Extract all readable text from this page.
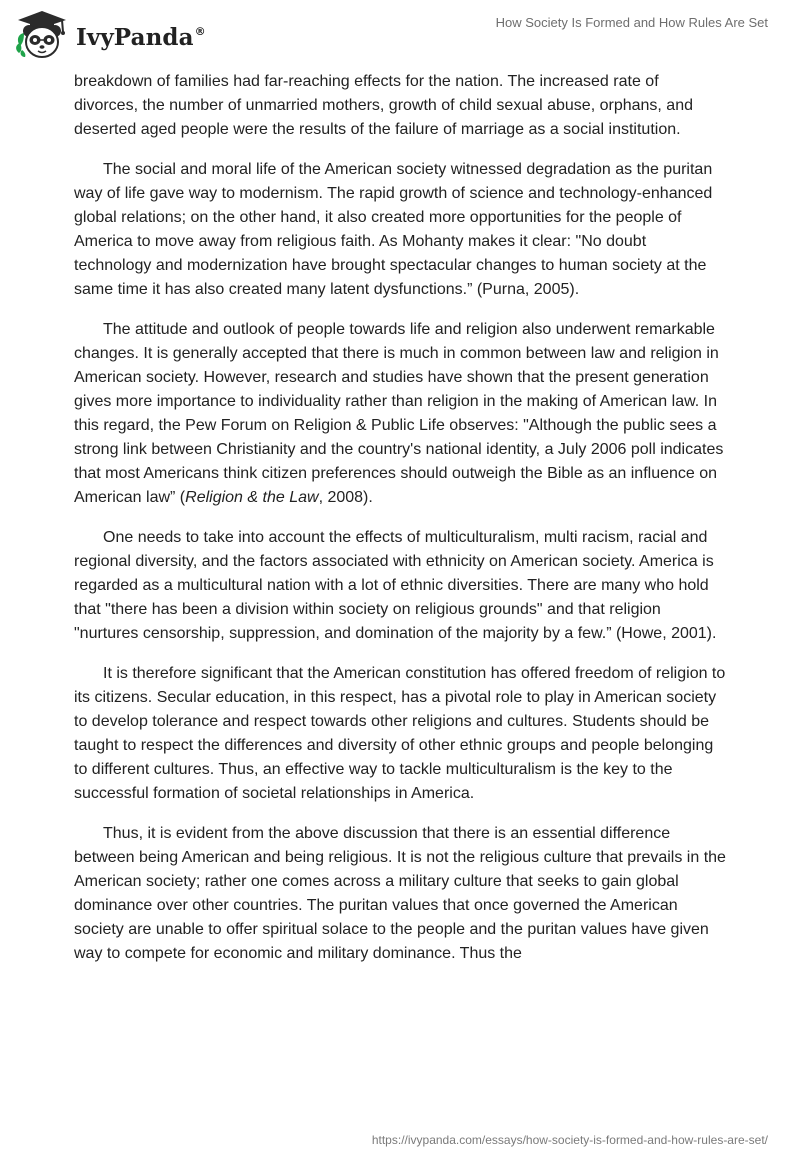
IvyPanda®
How Society Is Formed and How Rules Are Set

breakdown of families had far-reaching effects for the nation. The increased rate of divorces, the number of unmarried mothers, growth of child sexual abuse, orphans, and deserted aged people were the results of the failure of marriage as a social institution.

The social and moral life of the American society witnessed degradation as the puritan way of life gave way to modernism. The rapid growth of science and technology-enhanced global relations; on the other hand, it also created more opportunities for the people of America to move away from religious faith. As Mohanty makes it clear: "No doubt technology and modernization have brought spectacular changes to human society at the same time it has also created many latent dysfunctions.” (Purna, 2005).

The attitude and outlook of people towards life and religion also underwent remarkable changes. It is generally accepted that there is much in common between law and religion in American society. However, research and studies have shown that the present generation gives more importance to individuality rather than religion in the making of American law. In this regard, the Pew Forum on Religion & Public Life observes: "Although the public sees a strong link between Christianity and the country's national identity, a July 2006 poll indicates that most Americans think citizen preferences should outweigh the Bible as an influence on American law” (Religion & the Law, 2008).

One needs to take into account the effects of multiculturalism, multi racism, racial and regional diversity, and the factors associated with ethnicity on American society. America is regarded as a multicultural nation with a lot of ethnic diversities. There are many who hold that "there has been a division within society on religious grounds" and that religion "nurtures censorship, suppression, and domination of the majority by a few.” (Howe, 2001).

It is therefore significant that the American constitution has offered freedom of religion to its citizens. Secular education, in this respect, has a pivotal role to play in American society to develop tolerance and respect towards other religions and cultures. Students should be taught to respect the differences and diversity of other ethnic groups and people belonging to different cultures. Thus, an effective way to tackle multiculturalism is the key to the successful formation of societal relationships in America.

Thus, it is evident from the above discussion that there is an essential difference between being American and being religious. It is not the religious culture that prevails in the American society; rather one comes across a military culture that seeks to gain global dominance over other countries. The puritan values that once governed the American society are unable to offer spiritual solace to the people and the puritan values have given way to compete for economic and military dominance. Thus the

https://ivypanda.com/essays/how-society-is-formed-and-how-rules-are-set/
